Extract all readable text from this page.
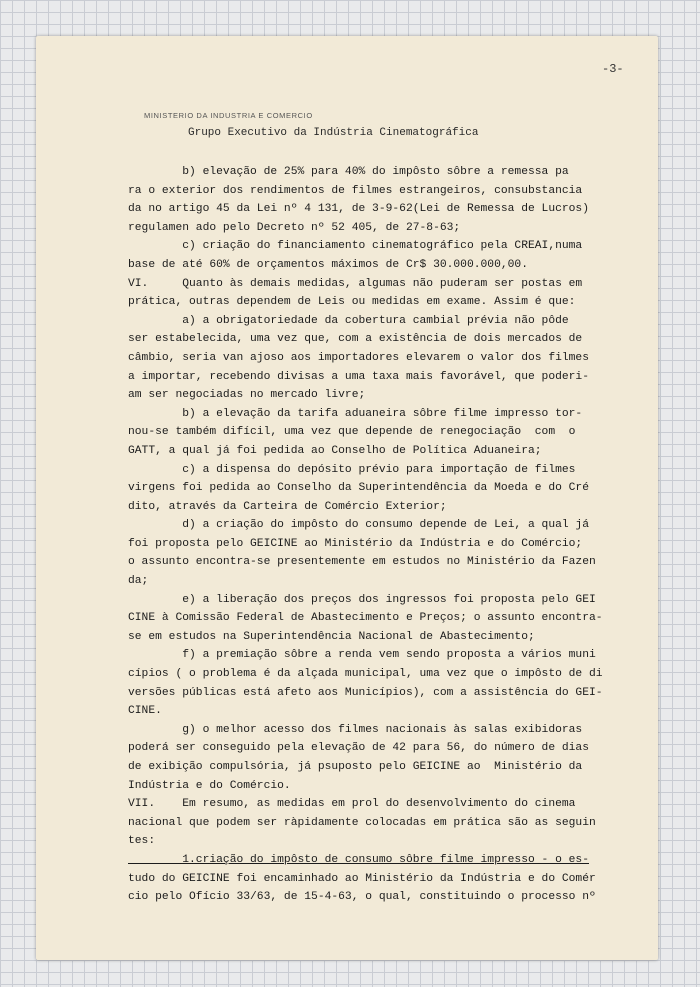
-3-
MINISTERIO DA INDUSTRIA E COMERCIO
Grupo Executivo da Indústria Cinematográfica
b) elevação de 25% para 40% do impôsto sôbre a remessa pa
ra o exterior dos rendimentos de filmes estrangeiros, consubstancia
da no artigo 45 da Lei nº 4 131, de 3-9-62(Lei de Remessa de Lucros)
regulamen ado pelo Decreto nº 52 405, de 27-8-63;
c) criação do financiamento cinematográfico pela CREAI,numa
base de até 60% de orçamentos máximos de Cr$ 30.000.000,00.
VI.     Quanto às demais medidas, algumas não puderam ser postas em
prática, outras dependem de Leis ou medidas em exame. Assim é que:
a) a obrigatoriedade da cobertura cambial prévia não pôde
ser estabelecida, uma vez que, com a existência de dois mercados de
câmbio, seria van ajoso aos importadores elevarem o valor dos filmes
a importar, recebendo divisas a uma taxa mais favorável, que poderi-
am ser negociadas no mercado livre;
b) a elevação da tarifa aduaneira sôbre filme impresso tor-
nou-se também difícil, uma vez que depende de renegociação  com  o
GATT, a qual já foi pedida ao Conselho de Política Aduaneira;
c) a dispensa do depósito prévio para importação de filmes
virgens foi pedida ao Conselho da Superintendência da Moeda e do Cré
dito, através da Carteira de Comércio Exterior;
d) a criação do impôsto do consumo depende de Lei, a qual já
foi proposta pelo GEICINE ao Ministério da Indústria e do Comércio;
o assunto encontra-se presentemente em estudos no Ministério da Fazen
da;
e) a liberação dos preços dos ingressos foi proposta pelo GEI
CINE à Comissão Federal de Abastecimento e Preços; o assunto encontra-
se em estudos na Superintendência Nacional de Abastecimento;
f) a premiação sôbre a renda vem sendo proposta a vários muni
cípios ( o problema é da alçada municipal, uma vez que o impôsto de di
versões públicas está afeto aos Municípios), com a assistência do GEI-
CINE.
g) o melhor acesso dos filmes nacionais às salas exibidoras
poderá ser conseguido pela elevação de 42 para 56, do número de dias
de exibição compulsória, já psuposto pelo GEICINE ao  Ministério da
Indústria e do Comércio.
VII.    Em resumo, as medidas em prol do desenvolvimento do cinema
nacional que podem ser ràpidamente colocadas em prática são as seguin
tes:
1.criação do impôsto de consumo sôbre filme impresso - o es-
tudo do GEICINE foi encaminhado ao Ministério da Indústria e do Comér
cio pelo Ofício 33/63, de 15-4-63, o qual, constituindo o processo nº
